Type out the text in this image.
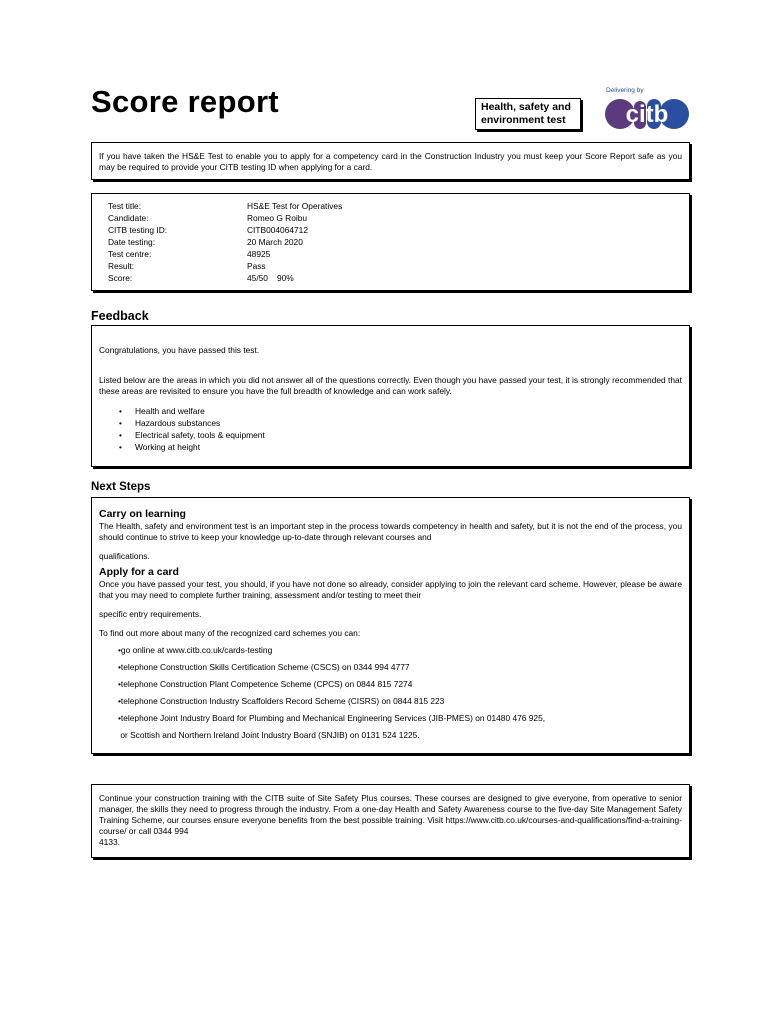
Score report	Health, safety and
environment test
Delivering by
citb
If you have taken the HS&E Test to enable you to apply for a competency card in the Construction Industry you must keep your Score Report safe as you may be required to provide your CITB testing ID when applying for a card.
Test title:	HS&E Test for Operatives
Candidate:	Romeo G Roibu
CITB testing ID:	CITB004064712
Date testing:	20 March 2020
Test centre:	48925
Result:	Pass
Score:	45/50 90%
Feedback

Congratulations, you have passed this test.

Listed below are the areas in which you did not answer all of the questions correctly. Even though you have passed your test, it is strongly recommended that these areas are revisited to ensure you have the full breadth of knowledge and can work safely.

• Health and welfare
• Hazardous substances
• Electrical safety, tools & equipment
• Working at height
Next Steps

Carry on learning

The Health, safety and environment test is an important step in the process towards competency in health and safety, but it is not the end of the process, you should continue to strive to keep your knowledge up-to-date through relevant courses and

qualifications.

Apply for a card

Once you have passed your test, you should, if you have not done so already, consider applying to join the relevant card scheme. However, please be aware that you may need to complete further training, assessment and/or testing to meet their

specific entry requirements.

To find out more about many of the recognized card schemes you can:

•go online at www.citb.co.uk/cards-testing
•telephone Construction Skills Certification Scheme (CSCS) on 0344 994 4777
•telephone Construction Plant Competence Scheme (CPCS) on 0844 815 7274
•telephone Construction Industry Scaffolders Record Scheme (CISRS) on 0844 815 223
•telephone Joint Industry Board for Plumbing and Mechanical Engineering Services (JIB-PMES) on 01480 476 925,
or Scottish and Northern Ireland Joint Industry Board (SNJIB) on 0131 524 1225.
Continue your construction training with the CITB suite of Site Safety Plus courses. These courses are designed to give everyone, from operative to senior manager, the skills they need to progress through the industry. From a one-day Health and Safety Awareness course to the five-day Site Management Safety Training Scheme, our courses ensure everyone benefits from the best possible training. Visit https://www.citb.co.uk/courses-and-qualifications/find-a-training-course/ or call 0344 994
4133.
